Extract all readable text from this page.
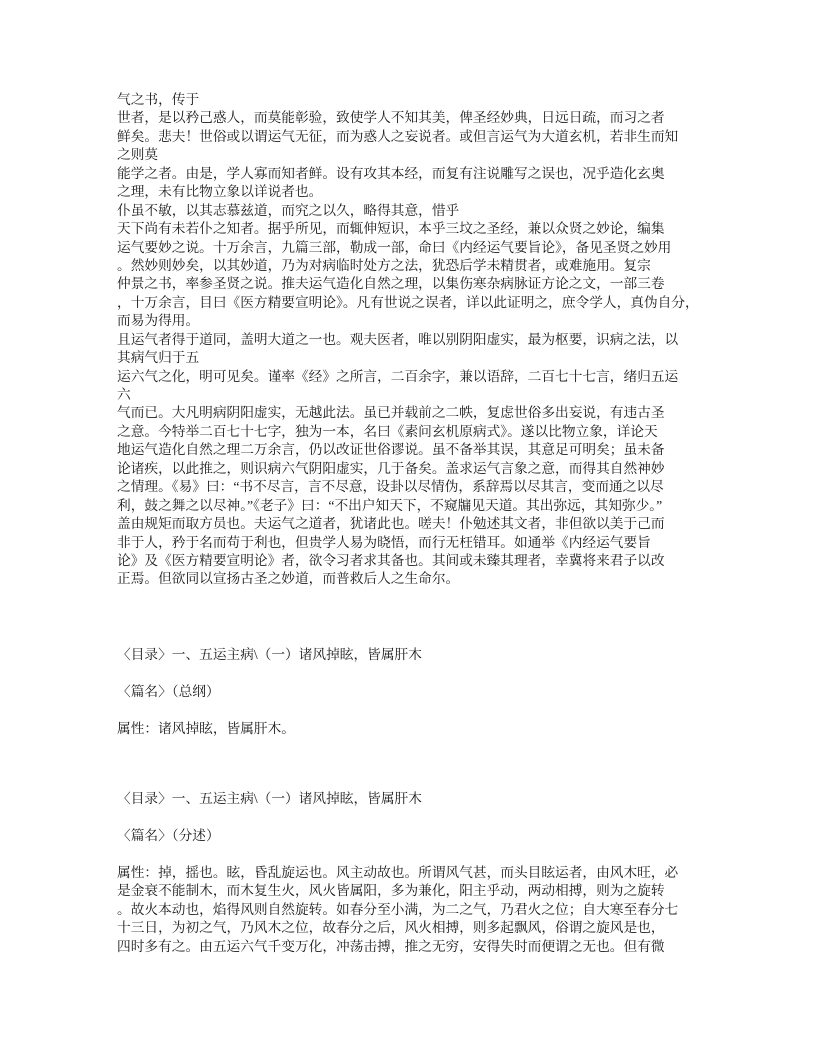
气之书，传于
世者，是以矜己惑人，而莫能彰验，致使学人不知其美，俾圣经妙典，日远日疏，而习之者
鲜矣。悲夫！世俗或以谓运气无征，而为惑人之妄说者。或但言运气为大道玄机，若非生而知
之则莫
能学之者。由是，学人寡而知者鲜。设有攻其本经，而复有注说雕写之误也，况乎造化玄奥
之理，未有比物立象以详说者也。
仆虽不敏，以其志慕兹道，而究之以久，略得其意，惜乎
天下尚有未若仆之知者。据乎所见，而辄伸短识，本乎三坟之圣经，兼以众贤之妙论，编集
运气要妙之说。十万余言，九篇三部，勒成一部，命曰《内经运气要旨论》，备见圣贤之妙用
。然妙则妙矣，以其妙道，乃为对病临时处方之法，犹恐后学未精贯者，或难施用。复宗
仲景之书，率参圣贤之说。推夫运气造化自然之理，以集伤寒杂病脉证方论之文，一部三卷
，十万余言，目曰《医方精要宣明论》。凡有世说之误者，详以此证明之，庶令学人，真伪自分，
而易为得用。
且运气者得于道同，盖明大道之一也。观夫医者，唯以别阴阳虚实，最为枢要，识病之法，以
其病气归于五
运六气之化，明可见矣。谨率《经》之所言，二百余字，兼以语辞，二百七十七言，绪归五运
六
气而已。大凡明病阴阳虚实，无越此法。虽已并载前之二帙，复虑世俗多出妄说，有违古圣
之意。今特举二百七十七字，独为一本，名曰《素问玄机原病式》。遂以比物立象，详论天
地运气造化自然之理二万余言，仍以改证世俗谬说。虽不备举其误，其意足可明矣；虽未备
论诸疾，以此推之，则识病六气阴阳虚实，几于备矣。盖求运气言象之意，而得其自然神妙
之情理。《易》曰：“书不尽言，言不尽意，设卦以尽情伪，系辞焉以尽其言，变而通之以尽
利，鼓之舞之以尽神。”《老子》曰：“不出户知天下，不窥牖见天道。其出弥远，其知弥少。”
盖由规矩而取方员也。夫运气之道者，犹诸此也。嗟夫！仆勉述其文者，非但欲以美于己而
非于人，矜于名而苟于利也，但贵学人易为晓悟，而行无枉错耳。如通举《内经运气要旨
论》及《医方精要宣明论》者，欲令习者求其备也。其间或未臻其理者，幸冀将来君子以改
正焉。但欲同以宣扬古圣之妙道，而普救后人之生命尔。
〈目录〉一、五运主病\（一）诸风掉眩，皆属肝木
〈篇名〉（总纲）
属性：诸风掉眩，皆属肝木。
〈目录〉一、五运主病\（一）诸风掉眩，皆属肝木
〈篇名〉（分述）
属性：掉，摇也。眩，昏乱旋运也。风主动故也。所谓风气甚，而头目眩运者，由风木旺，必
是金衰不能制木，而木复生火，风火皆属阳，多为兼化，阳主乎动，两动相搏，则为之旋转
。故火本动也，焰得风则自然旋转。如春分至小满，为二之气，乃君火之位；自大寒至春分七
十三日，为初之气，乃风木之位，故春分之后，风火相搏，则多起飘风，俗谓之旋风是也，
四时多有之。由五运六气千变万化，冲荡击搏，推之无穷，安得失时而便谓之无也。但有微
